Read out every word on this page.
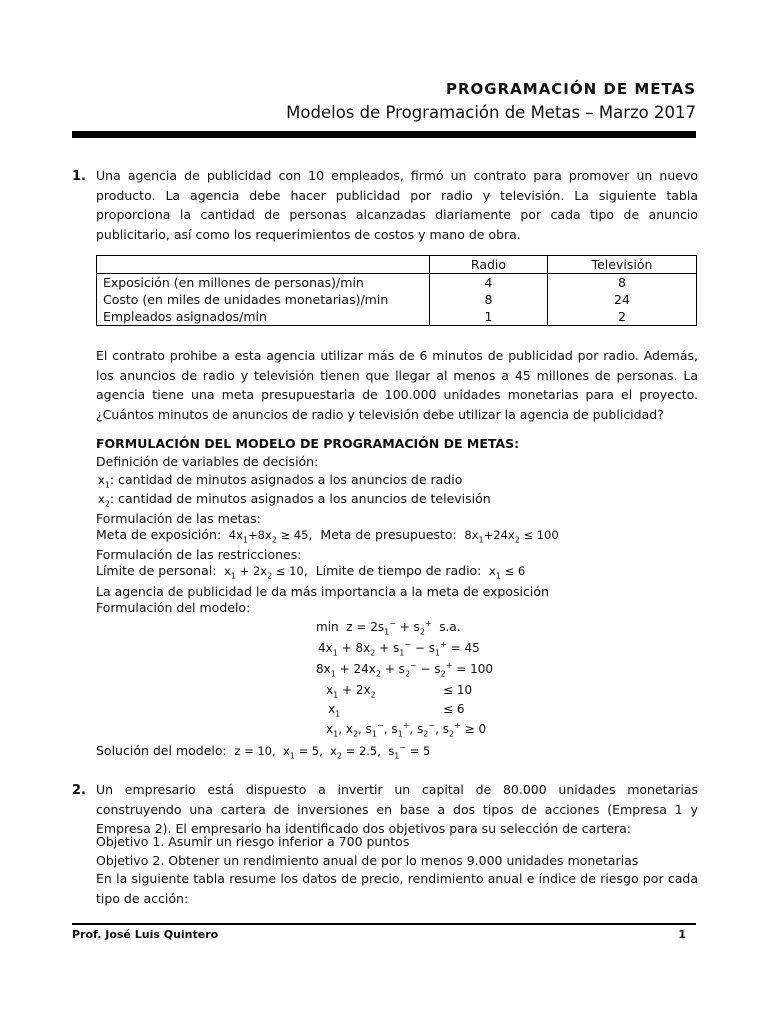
PROGRAMACIÓN DE METAS
Modelos de Programación de Metas – Marzo 2017
1. Una agencia de publicidad con 10 empleados, firmó un contrato para promover un nuevo producto. La agencia debe hacer publicidad por radio y televisión. La siguiente tabla proporciona la cantidad de personas alcanzadas diariamente por cada tipo de anuncio publicitario, así como los requerimientos de costos y mano de obra.
	Radio	Televisión
Exposición (en millones de personas)/min	4	8
Costo (en miles de unidades monetarias)/min	8	24
Empleados asignados/min	1	2
El contrato prohibe a esta agencia utilizar más de 6 minutos de publicidad por radio. Además, los anuncios de radio y televisión tienen que llegar al menos a 45 millones de personas. La agencia tiene una meta presupuestaria de 100.000 unidades monetarias para el proyecto. ¿Cuántos minutos de anuncios de radio y televisión debe utilizar la agencia de publicidad?
FORMULACIÓN DEL MODELO DE PROGRAMACIÓN DE METAS:
Definición de variables de decisión:
$x_1$: cantidad de minutos asignados a los anuncios de radio
$x_2$: cantidad de minutos asignados a los anuncios de televisión
Formulación de las metas:
Meta de exposición:  $4x_1+8x_2 \ge 45$,  Meta de presupuesto:  $8x_1+24x_2 \le 100$
Formulación de las restricciones:
Límite de personal:  $x_1 + 2x_2 \le 10$,  Límite de tiempo de radio:  $x_1 \le 6$
La agencia de publicidad le da más importancia a la meta de exposición
Formulación del modelo:
$\min z = 2s_1^- + s_2^+$  s.a.
$4x_1 + 8x_2 + s_1^- - s_1^+ = 45$
$8x_1 + 24x_2 + s_2^- - s_2^+ = 100$
$x_1 + 2x_2$	≤ 10
$x_1$	≤ 6
$x_1$, $x_2$, $s_1^-$, $s_1^+$, $s_2^-$, $s_2^+ \ge 0$
Solución del modelo:  z = 10,  $x_1 = 5$,  $x_2 = 2.5$,  $s_1^- = 5$
2. Un empresario está dispuesto a invertir un capital de 80.000 unidades monetarias construyendo una cartera de inversiones en base a dos tipos de acciones (Empresa 1 y Empresa 2). El empresario ha identificado dos objetivos para su selección de cartera:
Objetivo 1. Asumir un riesgo inferior a 700 puntos
Objetivo 2. Obtener un rendimiento anual de por lo menos 9.000 unidades monetarias
En la siguiente tabla resume los datos de precio, rendimiento anual e índice de riesgo por cada tipo de acción:
Prof. José Luis Quintero	1
